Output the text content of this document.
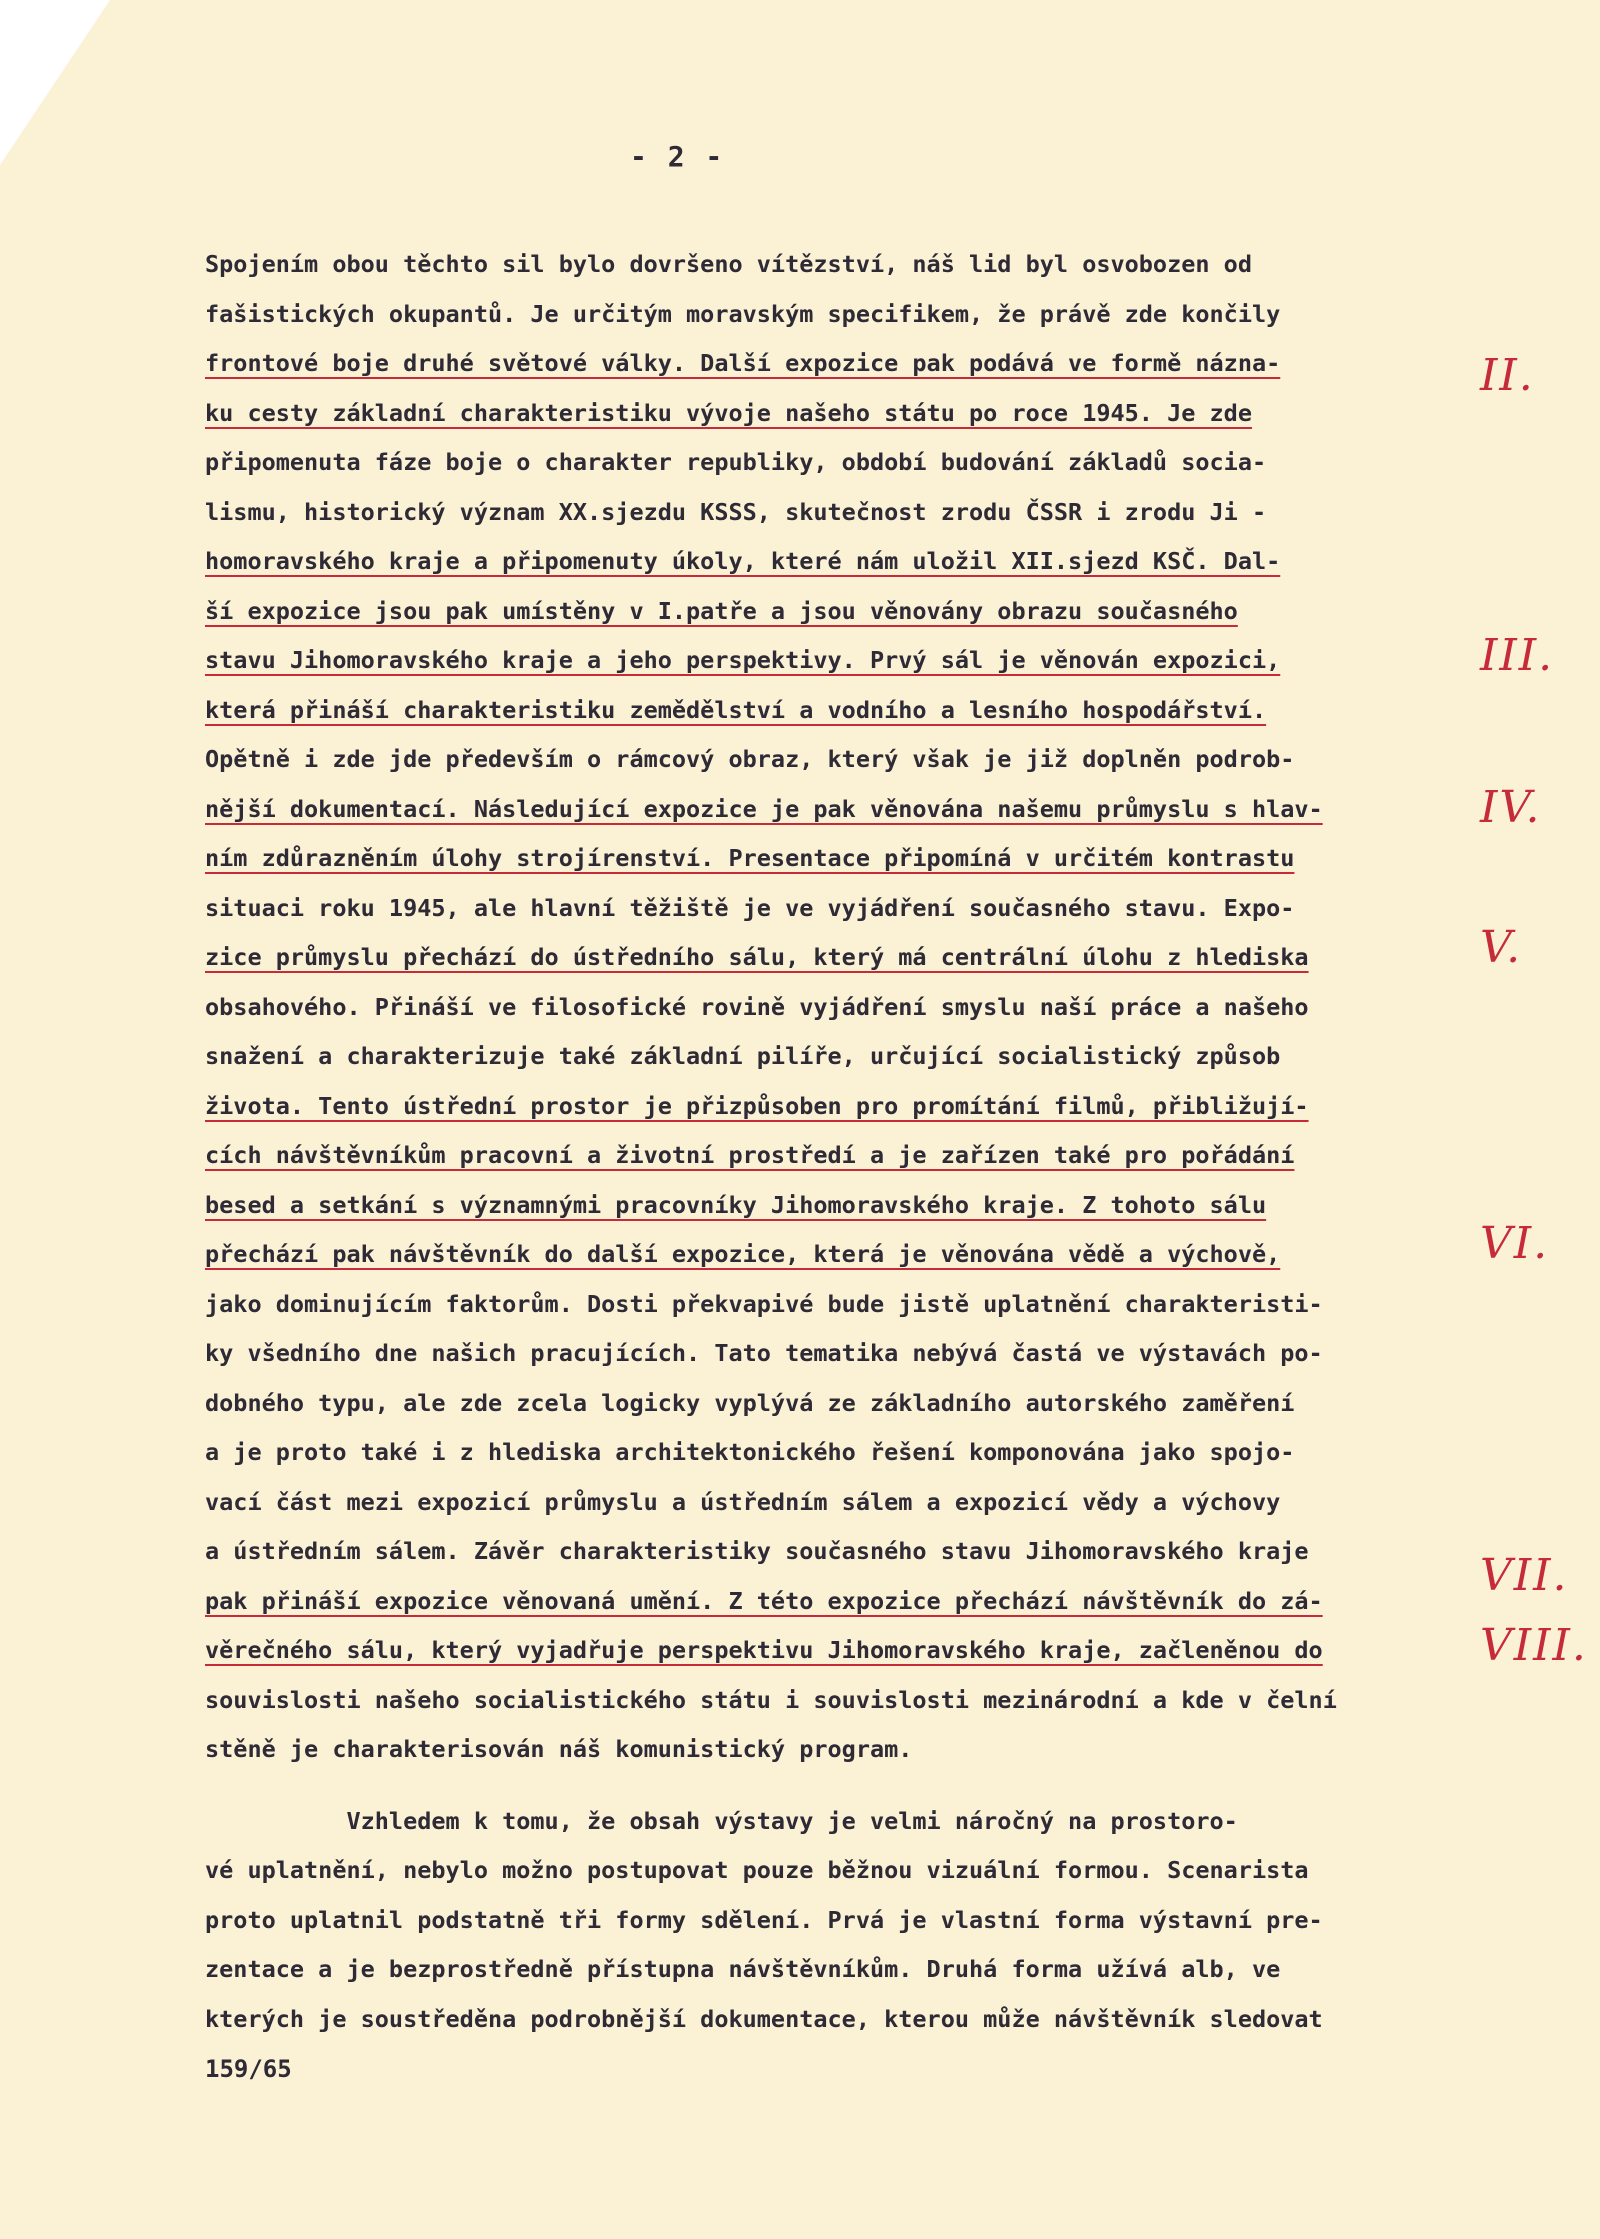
- 2 -
Spojením obou těchto sil bylo dovršeno vítězství, náš lid byl osvobozen od
fašistických okupantů. Je určitým moravským specifikem, že právě zde končily
frontové boje druhé světové války. Další expozice pak podává ve formě názna-
ku cesty základní charakteristiku vývoje našeho státu po roce 1945. Je zde
připomenuta fáze boje o charakter republiky, období budování základů socia-
lismu, historický význam XX.sjezdu KSSS, skutečnost zrodu ČSSR i zrodu Ji -
homoravského kraje a připomenuty úkoly, které nám uložil XII.sjezd KSČ. Dal-
ší expozice jsou pak umístěny v I.patře a jsou věnovány obrazu současného
stavu Jihomoravského kraje a jeho perspektivy. Prvý sál je věnován expozici,
která přináší charakteristiku zemědělství a vodního a lesního hospodářství.
Opětně i zde jde především o rámcový obraz, který však je již doplněn podrob-
nější dokumentací. Následující expozice je pak věnována našemu průmyslu s hlav-
ním zdůrazněním úlohy strojírenství. Presentace připomíná v určitém kontrastu
situaci roku 1945, ale hlavní těžiště je ve vyjádření současného stavu. Expo-
zice průmyslu přechází do ústředního sálu, který má centrální úlohu z hlediska
obsahového. Přináší ve filosofické rovině vyjádření smyslu naší práce a našeho
snažení a charakterizuje také základní pilíře, určující socialistický způsob
života. Tento ústřední prostor je přizpůsoben pro promítání filmů, přibližují-
cích návštěvníkům pracovní a životní prostředí a je zařízen také pro pořádání
besed a setkání s významnými pracovníky Jihomoravského kraje. Z tohoto sálu
přechází pak návštěvník do další expozice, která je věnována vědě a výchově,
jako dominujícím faktorům. Dosti překvapivé bude jistě uplatnění charakteristi-
ky všedního dne našich pracujících. Tato tematika nebývá častá ve výstavách po-
dobného typu, ale zde zcela logicky vyplývá ze základního autorského zaměření
a je proto také i z hlediska architektonického řešení komponována jako spojo-
vací část mezi expozicí průmyslu a ústředním sálem a expozicí vědy a výchovy
a ústředním sálem. Závěr charakteristiky současného stavu Jihomoravského kraje
pak přináší expozice věnovaná umění. Z této expozice přechází návštěvník do zá-
věrečného sálu, který vyjadřuje perspektivu Jihomoravského kraje, začleněnou do
souvislosti našeho socialistického státu i souvislosti mezinárodní a kde v čelní
stěně je charakterisován náš komunistický program.
Vzhledem k tomu, že obsah výstavy je velmi náročný na prostoro-
vé uplatnění, nebylo možno postupovat pouze běžnou vizuální formou. Scenarista
proto uplatnil podstatně tři formy sdělení. Prvá je vlastní forma výstavní pre-
zentace a je bezprostředně přístupna návštěvníkům. Druhá forma užívá alb, ve
kterých je soustředěna podrobnější dokumentace, kterou může návštěvník sledovat
II.
III.
IV.
V.
VI.
VII.
VIII.
159/65
